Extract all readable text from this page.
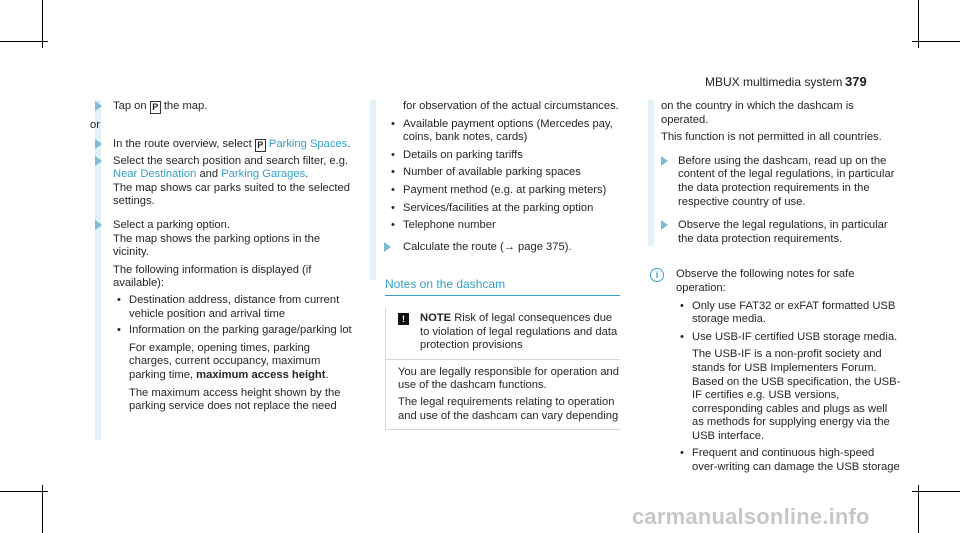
MBUX multimedia system 379

Tap on P the map.

or

In the route overview, select P Parking Spaces.

Select the search position and search filter, e.g. Near Destination and Parking Garages.

The map shows car parks suited to the selected settings.

Select a parking option.

The map shows the parking options in the vicinity.

The following information is displayed (if available):

• Destination address, distance from current vehicle position and arrival time

• Information on the parking garage/parking lot

For example, opening times, parking charges, current occupancy, maximum parking time, maximum access height.

The maximum access height shown by the parking service does not replace the need

for observation of the actual circumstances.

• Available payment options (Mercedes pay, coins, bank notes, cards)

• Details on parking tariffs

• Number of available parking spaces

• Payment method (e.g. at parking meters)

• Services/facilities at the parking option

• Telephone number

Calculate the route (→ page 375).

Notes on the dashcam

!	NOTE Risk of legal consequences due to violation of legal regulations and data protection provisions

You are legally responsible for operation and use of the dashcam functions.

The legal requirements relating to operation and use of the dashcam can vary depending

on the country in which the dashcam is operated.

This function is not permitted in all countries.

Before using the dashcam, read up on the content of the legal regulations, in particular the data protection requirements in the respective country of use.

Observe the legal regulations, in particular the data protection requirements.

i	Observe the following notes for safe operation:

• Only use FAT32 or exFAT formatted USB storage media.

• Use USB-IF certified USB storage media.

The USB-IF is a non-profit society and stands for USB Implementers Forum. Based on the USB specification, the USB-IF certifies e.g. USB versions, corresponding cables and plugs as well as methods for supplying energy via the USB interface.

• Frequent and continuous high-speed over-writing can damage the USB storage

carmanualsonline.info
